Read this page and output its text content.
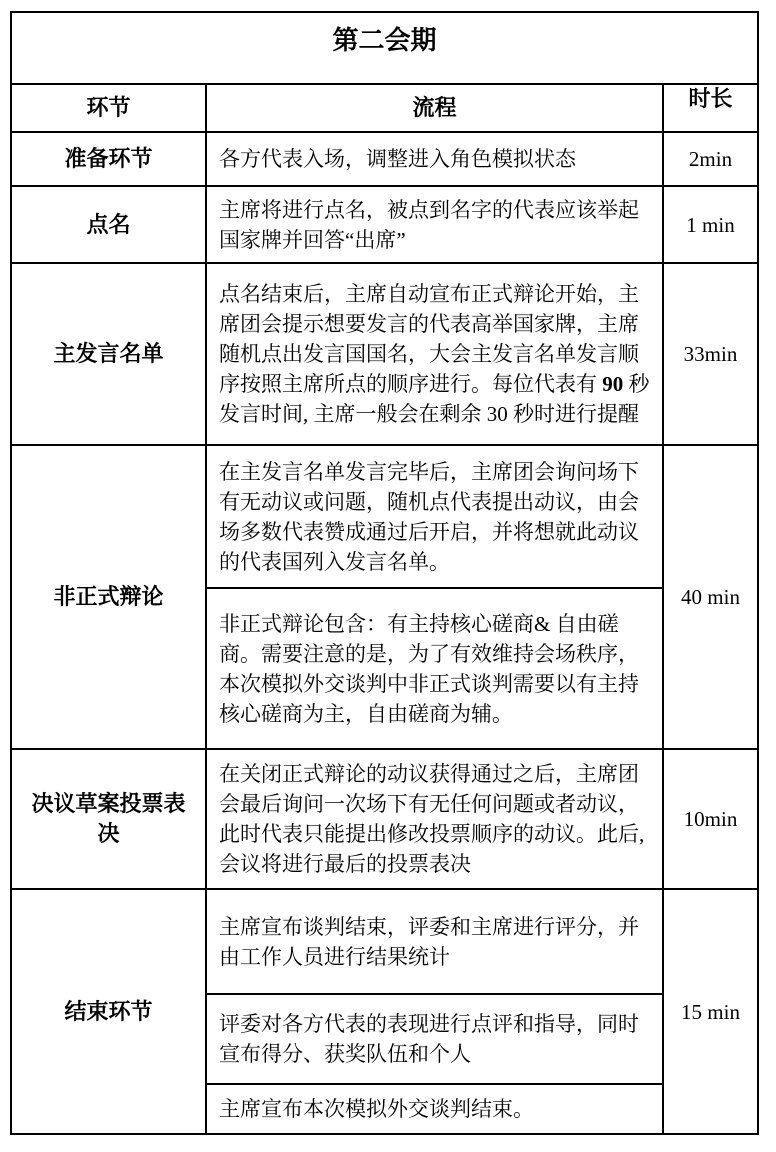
第二会期		
环节	流程	时长
准备环节	各方代表入场，调整进入角色模拟状态	2min
点名	主席将进行点名，被点到名字的代表应该举起国家牌并回答“出席”	1 min
主发言名单	点名结束后，主席自动宣布正式辩论开始，主席团会提示想要发言的代表高举国家牌，主席随机点出发言国国名，大会主发言名单发言顺序按照主席所点的顺序进行。每位代表有 90 秒发言时间, 主席一般会在剩余 30 秒时进行提醒	33min
非正式辩论	在主发言名单发言完毕后，主席团会询问场下有无动议或问题，随机点代表提出动议，由会场多数代表赞成通过后开启，并将想就此动议的代表国列入发言名单。	40 min

	非正式辩论包含：有主持核心磋商& 自由磋商。需要注意的是，为了有效维持会场秩序，本次模拟外交谈判中非正式谈判需要以有主持核心磋商为主，自由磋商为辅。	

决议草案投票表决	在关闭正式辩论的动议获得通过之后，主席团会最后询问一次场下有无任何问题或者动议，此时代表只能提出修改投票顺序的动议。此后, 会议将进行最后的投票表决	10min
结束环节	主席宣布谈判结束，评委和主席进行评分，并由工作人员进行结果统计	15 min

	评委对各方代表的表现进行点评和指导，同时宣布得分、获奖队伍和个人	

	主席宣布本次模拟外交谈判结束。	
